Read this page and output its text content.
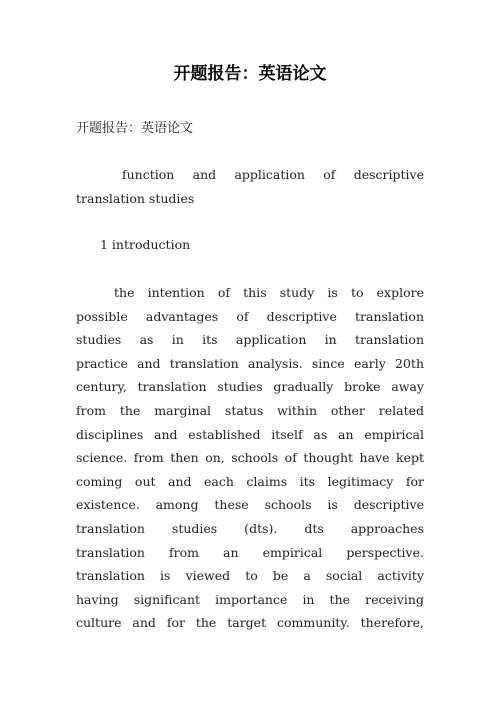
开题报告：英语论文
开题报告：英语论文
function and application of descriptive
translation studies
1 introduction
the intention of this study is to explore
possible advantages of descriptive translation
studies as in its application in translation
practice and translation analysis. since early 20th
century, translation studies gradually broke away
from the marginal status within other related
disciplines and established itself as an empirical
science. from then on, schools of thought have kept
coming out and each claims its legitimacy for
existence. among these schools is descriptive
translation studies (dts). dts approaches
translation from an empirical perspective.
translation is viewed to be a social activity
having significant importance in the receiving
culture and for the target community. therefore,
